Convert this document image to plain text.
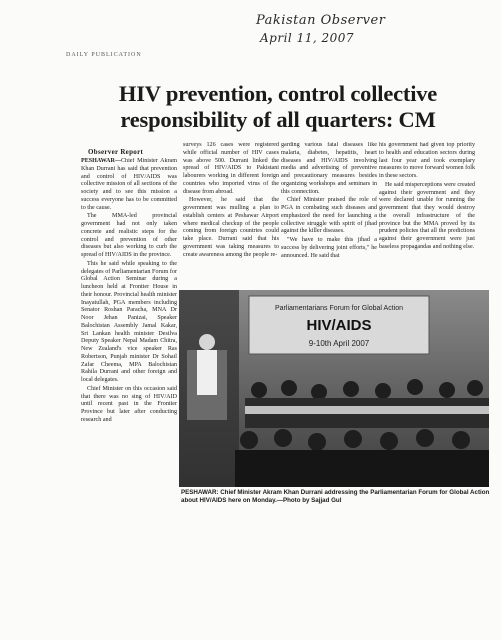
Pakistan Observer
April 11, 2007
DAILY PUBLICATION
HIV prevention, control collective
responsibility of all quarters: CM
Observer Report

PESHAWAR—Chief Minister Akram Khan Durrani has said that prevention and control of HIV/AIDS was collective mission of all sections of the society and to see this mission a success everyone has to be committed to the cause.

The MMA-led provincial government had not only taken concrete and realistic steps for the control and prevention of other diseases but also working to curb the spread of HIV/AIDS in the province.

This he said while speaking to the delegates of Parliamentarian Forum for Global Action Seminar during a luncheon held at Frontier House in their honour. Provincial health minister Inayatullah, PGA members including Senator Roshan Paracha, MNA Dr Noor Jehan Panizai, Speaker Balochistan Assembly Jamal Kakar, Sri Lankan health minister Desilva Deputy Speaker Nepal Madam Chitra, New Zealand's vice speaker Ras Robertson, Punjab minister Dr Sohail Zafar Cheema, MPA Balochistan Rahila Durrani and other foreign and local delegates.

Chief Minister on this occasion said that there was no sing of HIV/AID until recent past in the Frontier Province but later after conducting research and

surveys 126 cases were registered while official number of HIV cases was above 500. Durrani linked the spread of HIV/AIDS to Pakistani labourers working in different foreign countries who imported virus of the disease from abroad.

However, he said that the government was mulling a plan to establish centers at Peshawar Airport where medical checkup of the people coming from foreign countries could take place. Durrani said that his government was taking measures to create awareness among the people re-

garding various fatal diseases like malaria, diabetes, hepatitis, heart diseases and HIV/AIDS involving media and advertising of preventive and precautionary measures besides organizing workshops and seminars in this connection.

Chief Minister praised the role of PGA in combating such diseases and emphasized the need for launching a collective struggle with spirit of jihad against the killer diseases.

"We have to make this jihad a success by delivering joint efforts," he announced. He said that

his government had given top priority to health and education sectors during last four year and took exemplary measures to move forward women folk in these sectors.

He said misperceptions were created against their government and they were declared unable for running the government that they would destroy the overall infrastructure of the province but the MMA proved by its prudent policies that all the predictions against their government were just baseless propagandas and nothing else.

Parliamentarians Forum for Global Action
HIV/AIDS
9-10th April 2007
PESHAWAR: Chief Minister Akram Khan Durrani addressing the Parliamentarian Forum for Global Action about HIV/AIDS here on Monday.—Photo by Sajjad Gul
